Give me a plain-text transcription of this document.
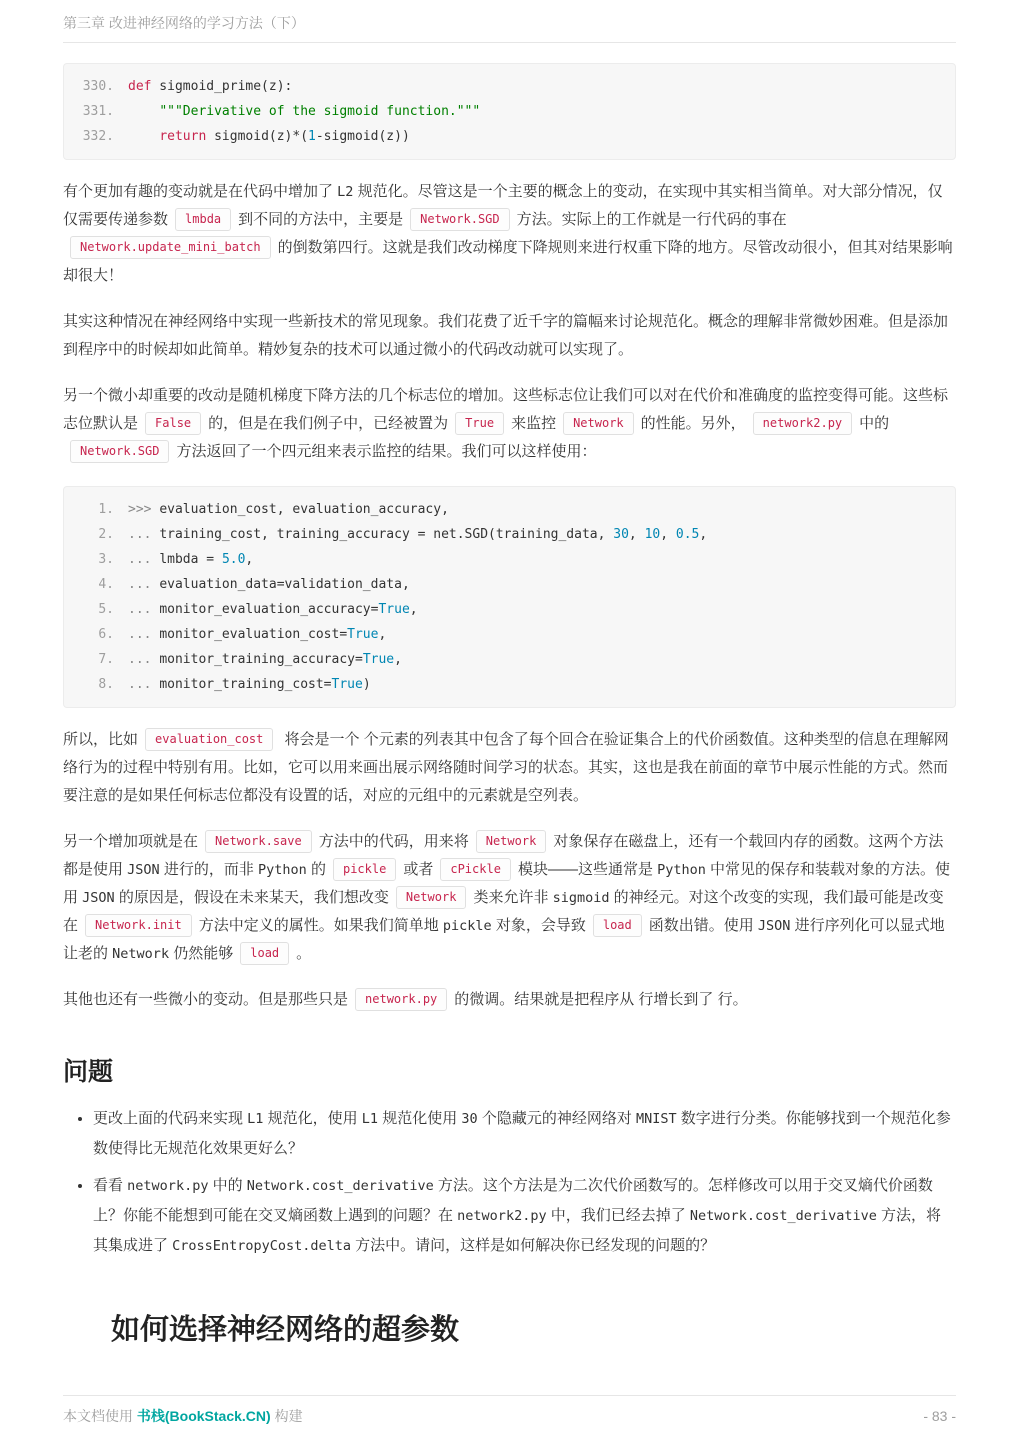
第三章 改进神经网络的学习方法（下）
330. def sigmoid_prime(z):
331.	"""Derivative of the sigmoid function."""
332.	return sigmoid(z)*(1-sigmoid(z))

有个更加有趣的变动就是在代码中增加了 L2 规范化。尽管这是一个主要的概念上的变动，在实现中其实相当简单。对大部分情况，仅仅需要传递参数 lmbda 到不同的方法中，主要是 Network.SGD 方法。实际上的工作就是一行代码的事在Network.update_mini_batch 的倒数第四行。这就是我们改动梯度下降规则来进行权重下降的地方。尽管改动很小，但其对结果影响却很大！

其实这种情况在神经网络中实现一些新技术的常见现象。我们花费了近千字的篇幅来讨论规范化。概念的理解非常微妙困难。但是添加到程序中的时候却如此简单。精妙复杂的技术可以通过微小的代码改动就可以实现了。

另一个微小却重要的改动是随机梯度下降方法的几个标志位的增加。这些标志位让我们可以对在代价和准确度的监控变得可能。这些标志位默认是 False 的，但是在我们例子中，已经被置为 True 来监控 Network 的性能。另外， network2.py 中的Network.SGD 方法返回了一个四元组来表示监控的结果。我们可以这样使用：

1. >>> evaluation_cost, evaluation_accuracy,
2. ... training_cost, training_accuracy = net.SGD(training_data, 30, 10, 0.5,
3. ... lmbda = 5.0,
4. ... evaluation_data=validation_data,
5. ... monitor_evaluation_accuracy=True,
6. ... monitor_evaluation_cost=True,
7. ... monitor_training_accuracy=True,
8. ... monitor_training_cost=True)

所以，比如 evaluation_cost 将会是一个 个元素的列表其中包含了每个回合在验证集合上的代价函数值。这种类型的信息在理解网络行为的过程中特别有用。比如，它可以用来画出展示网络随时间学习的状态。其实，这也是我在前面的章节中展示性能的方式。然而要注意的是如果任何标志位都没有设置的话，对应的元组中的元素就是空列表。

另一个增加项就是在 Network.save 方法中的代码，用来将 Network 对象保存在磁盘上，还有一个载回内存的函数。这两个方法都是使用 JSON 进行的，而非 Python 的 pickle 或者 cPickle 模块——这些通常是 Python 中常见的保存和装载对象的方法。使用 JSON 的原因是，假设在未来某天，我们想改变 Network 类来允许非 sigmoid 的神经元。对这个改变的实现，我们最可能是改变在 Network.init 方法中定义的属性。如果我们简单地 pickle 对象，会导致 load 函数出错。使用 JSON 进行序列化可以显式地让老的 Network 仍然能够 load 。

其他也还有一些微小的变动。但是那些只是 network.py 的微调。结果就是把程序从 行增长到了 行。

问题
• 更改上面的代码来实现 L1 规范化，使用 L1 规范化使用 30 个隐藏元的神经网络对 MNIST 数字进行分类。你能够找到一个规范化参数使得比无规范化效果更好么？
• 看看 network.py 中的 Network.cost_derivative 方法。这个方法是为二次代价函数写的。怎样修改可以用于交叉熵代价函数上？你能不能想到可能在交叉熵函数上遇到的问题？在 network2.py 中，我们已经去掉了 Network.cost_derivative 方法，将其集成进了 CrossEntropyCost.delta 方法中。请问，这样是如何解决你已经发现的问题的？
如何选择神经网络的超参数
本文档使用 书栈(BookStack.CN) 构建	- 83 -
